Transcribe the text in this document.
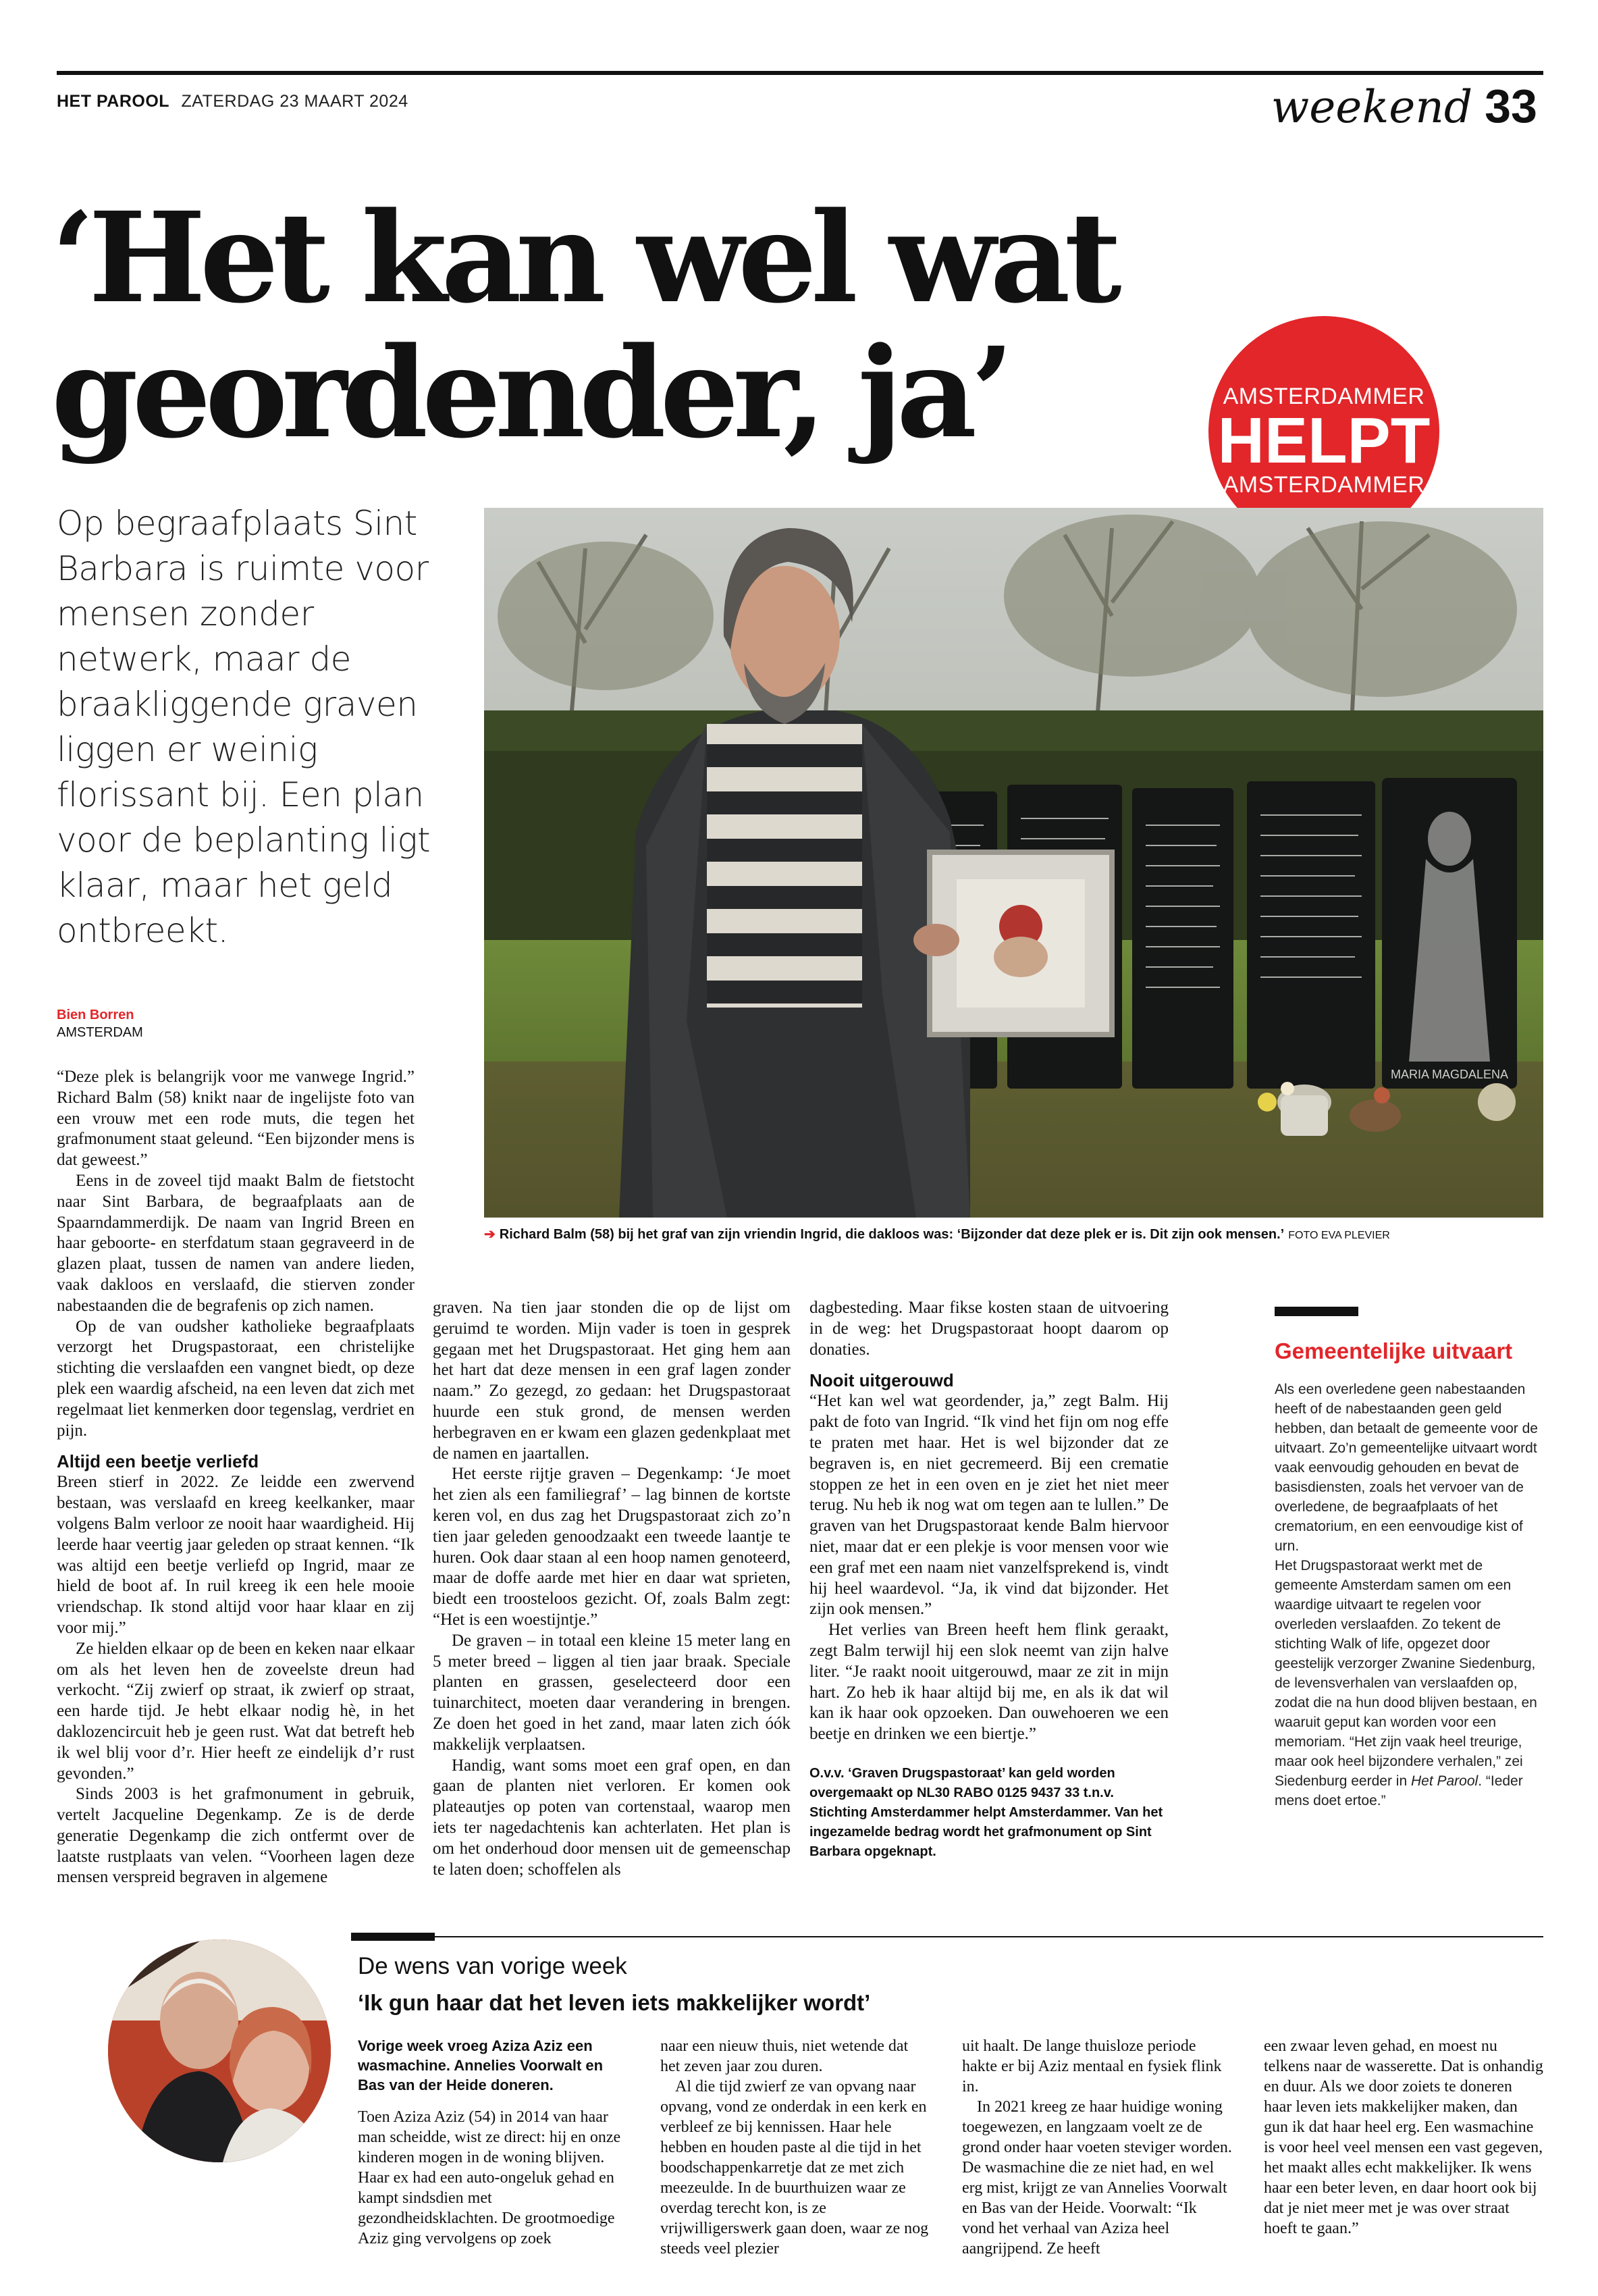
HET PAROOL ZATERDAG 23 MAART 2024	weekend 33
‘Het kan wel wat
geordender, ja’	AMSTERDAMMER
HELPT
AMSTERDAMMER
Op begraafplaats Sint Barbara is ruimte voor mensen zonder netwerk, maar de braakliggende graven liggen er weinig florissant bij. Een plan voor de beplanting ligt klaar, maar het geld ontbreekt.
MARIA MAGDALENA
➔ Richard Balm (58) bij het graf van zijn vriendin Ingrid, die dakloos was: ‘Bijzonder dat deze plek er is. Dit zijn ook mensen.’ FOTO EVA PLEVIER
Bien Borren
AMSTERDAM

“Deze plek is belangrijk voor me vanwege Ingrid.” Richard Balm (58) knikt naar de ingelijste foto van een vrouw met een rode muts, die tegen het grafmonument staat geleund. “Een bijzonder mens is dat geweest.”

Eens in de zoveel tijd maakt Balm de fietstocht naar Sint Barbara, de begraafplaats aan de Spaarndammerdijk. De naam van Ingrid Breen en haar geboorte- en sterfdatum staan gegraveerd in de glazen plaat, tussen de namen van andere lieden, vaak dakloos en verslaafd, die stierven zonder nabestaanden die de begrafenis op zich namen.

Op de van oudsher katholieke begraafplaats verzorgt het Drugspastoraat, een christelijke stichting die verslaafden een vangnet biedt, op deze plek een waardig afscheid, na een leven dat zich met regelmaat liet kenmerken door tegenslag, verdriet en pijn.

Altijd een beetje verliefd

Breen stierf in 2022. Ze leidde een zwervend bestaan, was verslaafd en kreeg keelkanker, maar volgens Balm verloor ze nooit haar waardigheid. Hij leerde haar veertig jaar geleden op straat kennen. “Ik was altijd een beetje verliefd op Ingrid, maar ze hield de boot af. In ruil kreeg ik een hele mooie vriendschap. Ik stond altijd voor haar klaar en zij voor mij.”

Ze hielden elkaar op de been en keken naar elkaar om als het leven hen de zoveelste dreun had verkocht. “Zij zwierf op straat, ik zwierf op straat, een harde tijd. Je hebt elkaar nodig hè, in het daklozencircuit heb je geen rust. Wat dat betreft heb ik wel blij voor d’r. Hier heeft ze eindelijk d’r rust gevonden.”

Sinds 2003 is het grafmonument in gebruik, vertelt Jacqueline Degenkamp. Ze is de derde generatie Degenkamp die zich ontfermt over de laatste rustplaats van velen. “Voorheen lagen deze mensen verspreid begraven in algemene

graven. Na tien jaar stonden die op de lijst om geruimd te worden. Mijn vader is toen in gesprek gegaan met het Drugspastoraat. Het ging hem aan het hart dat deze mensen in een graf lagen zonder naam.” Zo gezegd, zo gedaan: het Drugspastoraat huurde een stuk grond, de mensen werden herbegraven en er kwam een glazen gedenkplaat met de namen en jaartallen.

Het eerste rijtje graven – Degenkamp: ‘Je moet het zien als een familiegraf’ – lag binnen de kortste keren vol, en dus zag het Drugspastoraat zich zo’n tien jaar geleden genoodzaakt een tweede laantje te huren. Ook daar staan al een hoop namen genoteerd, maar de doffe aarde met hier en daar wat sprieten, biedt een troosteloos gezicht. Of, zoals Balm zegt: “Het is een woestijntje.”

De graven – in totaal een kleine 15 meter lang en 5 meter breed – liggen al tien jaar braak. Speciale planten en grassen, geselecteerd door een tuinarchitect, moeten daar verandering in brengen. Ze doen het goed in het zand, maar laten zich óók makkelijk verplaatsen.

Handig, want soms moet een graf open, en dan gaan de planten niet verloren. Er komen ook plateautjes op poten van cortenstaal, waarop men iets ter nagedachtenis kan achterlaten. Het plan is om het onderhoud door mensen uit de gemeenschap te laten doen; schoffelen als

dagbesteding. Maar fikse kosten staan de uitvoering in de weg: het Drugspastoraat hoopt daarom op donaties.

Nooit uitgerouwd

“Het kan wel wat geordender, ja,” zegt Balm. Hij pakt de foto van Ingrid. “Ik vind het fijn om nog effe te praten met haar. Het is wel bijzonder dat ze begraven is, en niet gecremeerd. Bij een crematie stoppen ze het in een oven en je ziet het niet meer terug. Nu heb ik nog wat om tegen aan te lullen.” De graven van het Drugspastoraat kende Balm hiervoor niet, maar dat er een plekje is voor mensen voor wie een graf met een naam niet vanzelfsprekend is, vindt hij heel waardevol. “Ja, ik vind dat bijzonder. Het zijn ook mensen.”

Het verlies van Breen heeft hem flink geraakt, zegt Balm terwijl hij een slok neemt van zijn halve liter. “Je raakt nooit uitgerouwd, maar ze zit in mijn hart. Zo heb ik haar altijd bij me, en als ik dat wil kan ik haar ook opzoeken. Dan ouwehoeren we een beetje en drinken we een biertje.”

O.v.v. ‘Graven Drugspastoraat’ kan geld worden overgemaakt op NL30 RABO 0125 9437 33 t.n.v. Stichting Amsterdammer helpt Amsterdammer. Van het ingezamelde bedrag wordt het grafmonument op Sint Barbara opgeknapt.
Gemeentelijke uitvaart

Als een overledene geen nabestaanden heeft of de nabestaanden geen geld hebben, dan betaalt de gemeente voor de uitvaart. Zo’n gemeentelijke uitvaart wordt vaak eenvoudig gehouden en bevat de basisdiensten, zoals het vervoer van de overledene, de begraafplaats of het crematorium, en een eenvoudige kist of urn.

Het Drugspastoraat werkt met de gemeente Amsterdam samen om een waardige uitvaart te regelen voor overleden verslaafden. Zo tekent de stichting Walk of life, opgezet door geestelijk verzorger Zwanine Siedenburg, de levensverhalen van verslaafden op, zodat die na hun dood blijven bestaan, en waaruit geput kan worden voor een memoriam. “Het zijn vaak heel treurige, maar ook heel bijzondere verhalen,” zei Siedenburg eerder in Het Parool. “Ieder mens doet ertoe.”

De wens van vorige week
‘Ik gun haar dat het leven iets makkelijker wordt’

Vorige week vroeg Aziza Aziz een wasmachine. Annelies Voorwalt en Bas van der Heide doneren.

Toen Aziza Aziz (54) in 2014 van haar man scheidde, wist ze direct: hij en onze kinderen mogen in de woning blijven. Haar ex had een auto-ongeluk gehad en kampt sindsdien met gezondheidsklachten. De grootmoedige Aziz ging vervolgens op zoek

naar een nieuw thuis, niet wetende dat het zeven jaar zou duren.

Al die tijd zwierf ze van opvang naar opvang, vond ze onderdak in een kerk en verbleef ze bij kennissen. Haar hele hebben en houden paste al die tijd in het boodschappenkarretje dat ze met zich meezeulde. In de buurthuizen waar ze overdag terecht kon, is ze vrijwilligerswerk gaan doen, waar ze nog steeds veel plezier

uit haalt. De lange thuisloze periode hakte er bij Aziz mentaal en fysiek flink in.

In 2021 kreeg ze haar huidige woning toegewezen, en langzaam voelt ze de grond onder haar voeten steviger worden. De wasmachine die ze niet had, en wel erg mist, krijgt ze van Annelies Voorwalt en Bas van der Heide. Voorwalt: “Ik vond het verhaal van Aziza heel aangrijpend. Ze heeft

een zwaar leven gehad, en moest nu telkens naar de wasserette. Dat is onhandig en duur. Als we door zoiets te doneren haar leven iets makkelijker maken, dan gun ik dat haar heel erg. Een wasmachine is voor heel veel mensen een vast gegeven, het maakt alles echt makkelijker. Ik wens haar een beter leven, en daar hoort ook bij dat je niet meer met je was over straat hoeft te gaan.”
